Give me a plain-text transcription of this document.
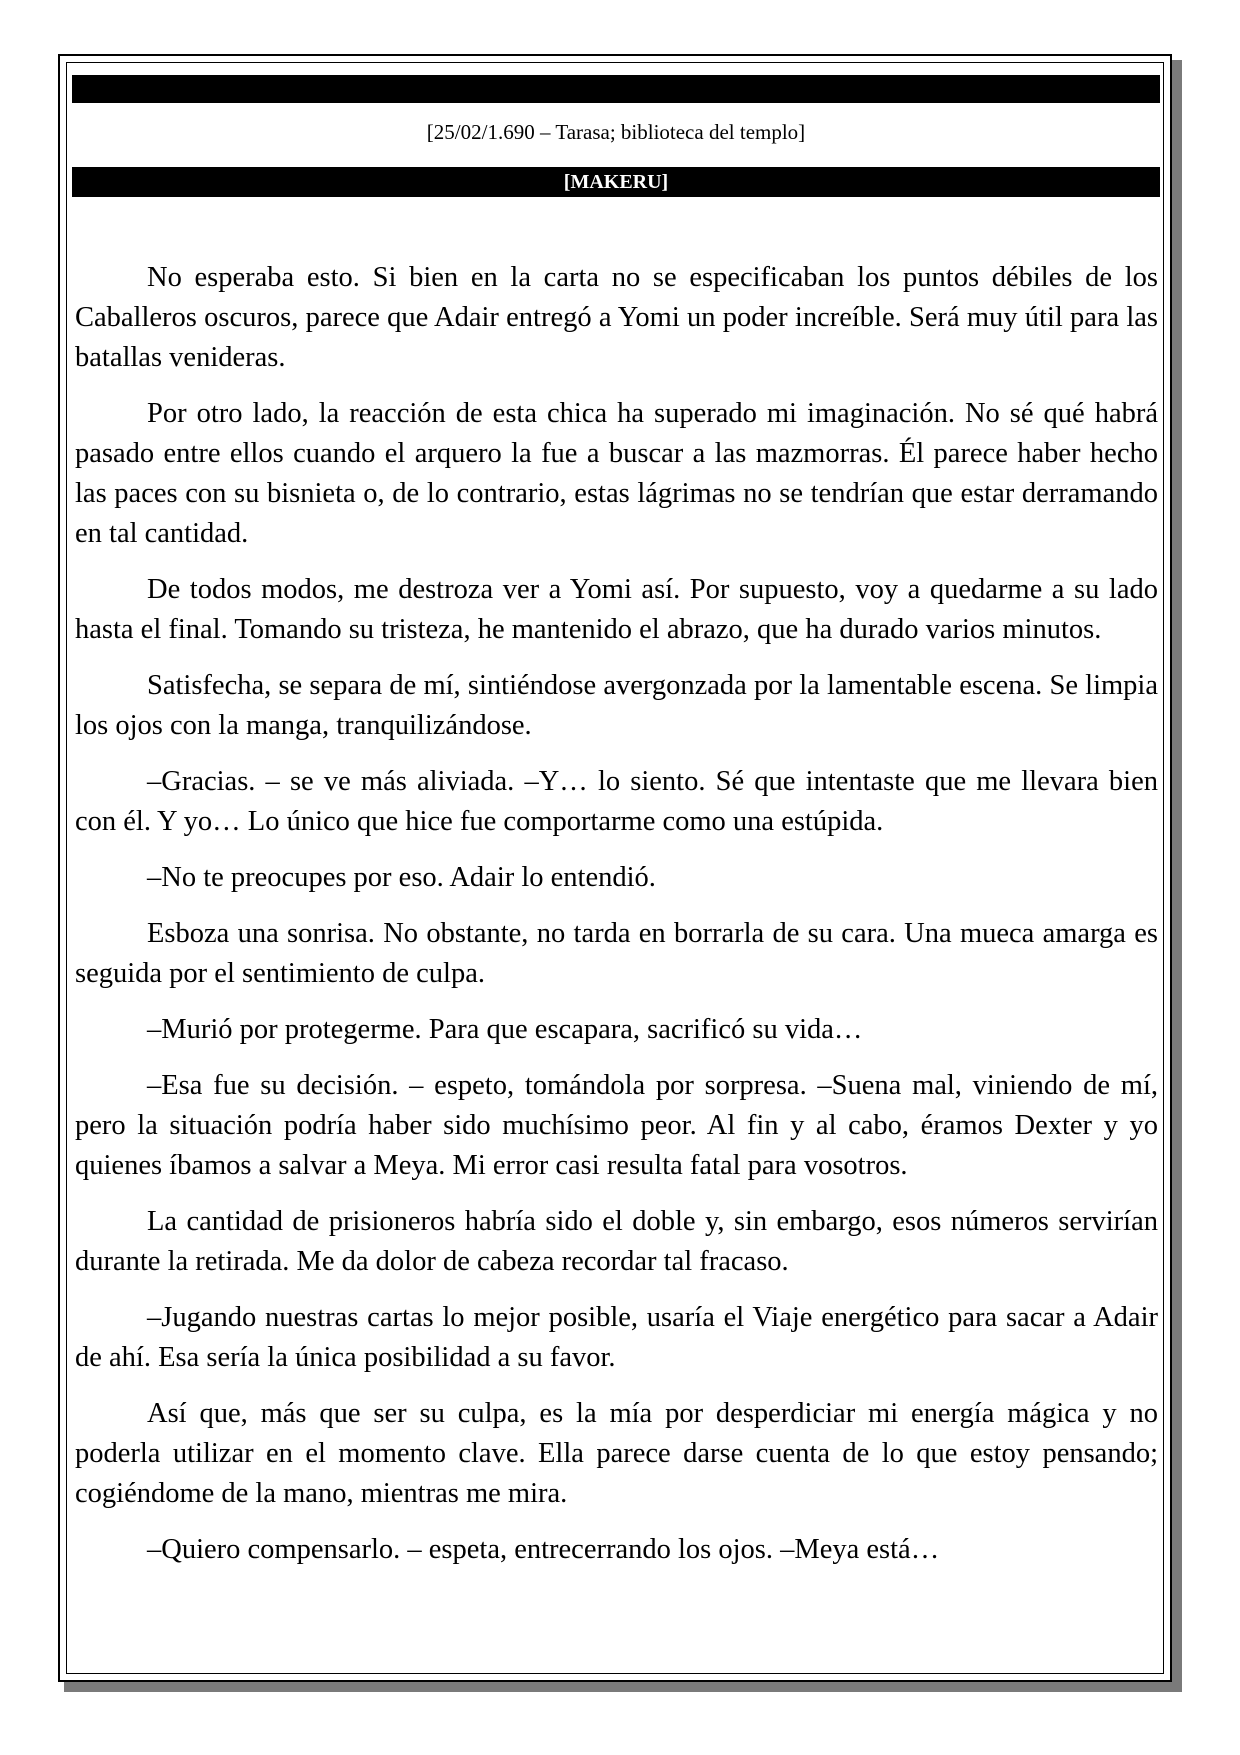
[25/02/1.690 – Tarasa; biblioteca del templo]
[MAKERU]

No esperaba esto. Si bien en la carta no se especificaban los puntos débiles de los Caballeros oscuros, parece que Adair entregó a Yomi un poder increíble. Será muy útil para las batallas venideras.

Por otro lado, la reacción de esta chica ha superado mi imaginación. No sé qué habrá pasado entre ellos cuando el arquero la fue a buscar a las mazmorras. Él parece haber hecho las paces con su bisnieta o, de lo contrario, estas lágrimas no se tendrían que estar derramando en tal cantidad.

De todos modos, me destroza ver a Yomi así. Por supuesto, voy a quedarme a su lado hasta el final. Tomando su tristeza, he mantenido el abrazo, que ha durado varios minutos.

Satisfecha, se separa de mí, sintiéndose avergonzada por la lamentable escena. Se limpia los ojos con la manga, tranquilizándose.

–Gracias. – se ve más aliviada. –Y… lo siento. Sé que intentaste que me llevara bien con él. Y yo… Lo único que hice fue comportarme como una estúpida.

–No te preocupes por eso. Adair lo entendió.

Esboza una sonrisa. No obstante, no tarda en borrarla de su cara. Una mueca amarga es seguida por el sentimiento de culpa.

–Murió por protegerme. Para que escapara, sacrificó su vida…

–Esa fue su decisión. – espeto, tomándola por sorpresa. –Suena mal, viniendo de mí, pero la situación podría haber sido muchísimo peor. Al fin y al cabo, éramos Dexter y yo quienes íbamos a salvar a Meya. Mi error casi resulta fatal para vosotros.

La cantidad de prisioneros habría sido el doble y, sin embargo, esos números servirían durante la retirada. Me da dolor de cabeza recordar tal fracaso.

–Jugando nuestras cartas lo mejor posible, usaría el Viaje energético para sacar a Adair de ahí. Esa sería la única posibilidad a su favor.

Así que, más que ser su culpa, es la mía por desperdiciar mi energía mágica y no poderla utilizar en el momento clave. Ella parece darse cuenta de lo que estoy pensando; cogiéndome de la mano, mientras me mira.

–Quiero compensarlo. – espeta, entrecerrando los ojos. –Meya está…
